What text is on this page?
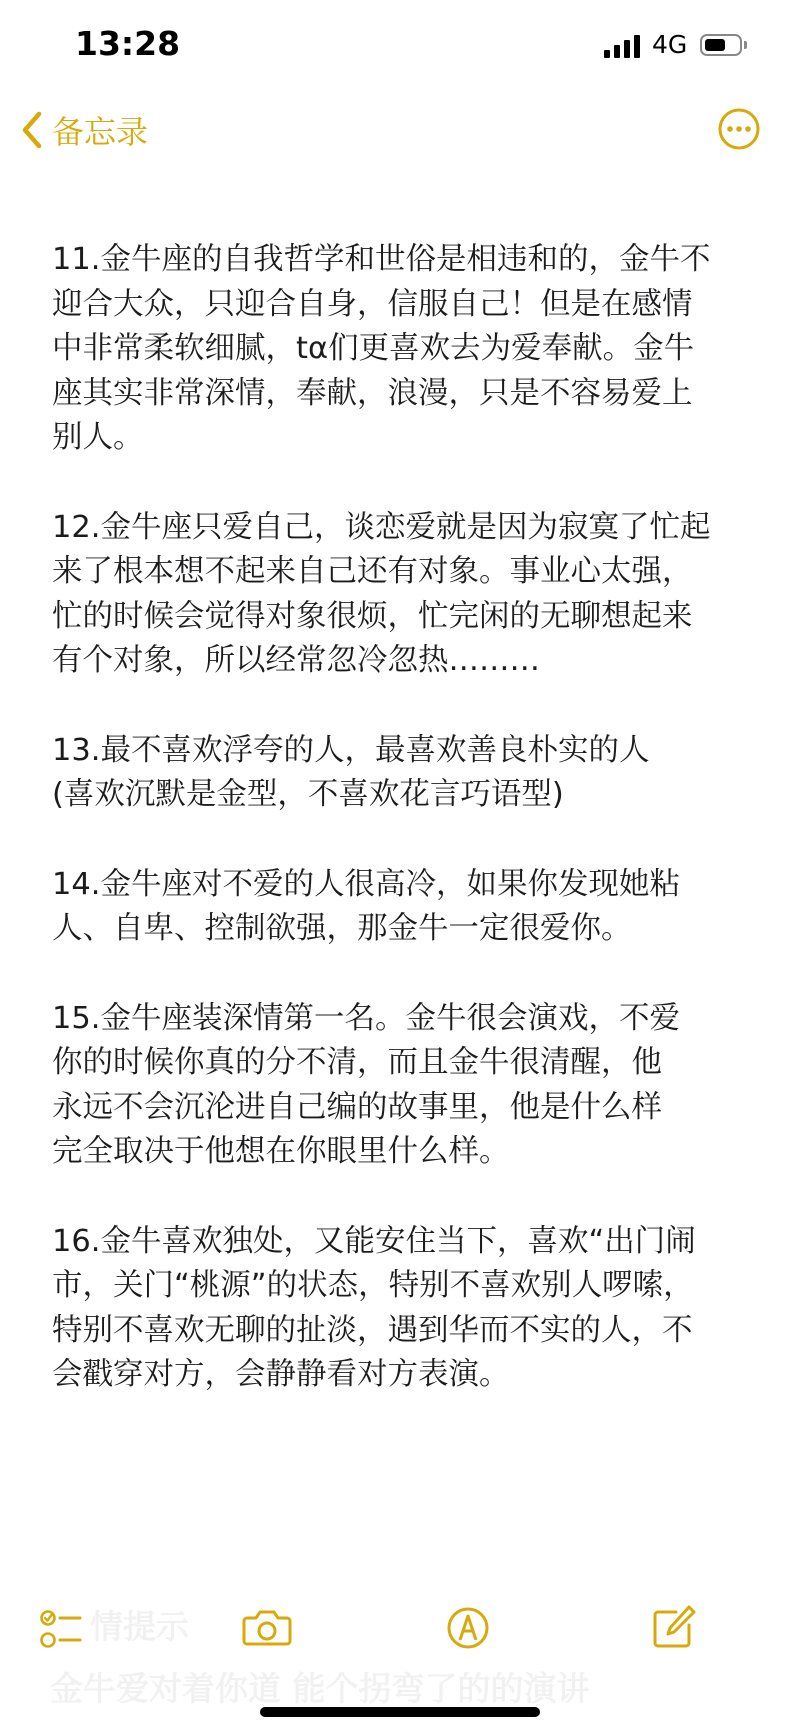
13:28	4G
备忘录

11.金牛座的自我哲学和世俗是相违和的，金牛不
迎合大众，只迎合自身，信服自己！但是在感情
中非常柔软细腻，tα们更喜欢去为爱奉献。金牛
座其实非常深情，奉献，浪漫，只是不容易爱上
别人。

12.金牛座只爱自己，谈恋爱就是因为寂寞了忙起
来了根本想不起来自己还有对象。事业心太强，
忙的时候会觉得对象很烦，忙完闲的无聊想起来
有个对象，所以经常忽冷忽热………

13.最不喜欢浮夸的人，最喜欢善良朴实的人
(喜欢沉默是金型，不喜欢花言巧语型)

14.金牛座对不爱的人很高冷，如果你发现她粘
人、自卑、控制欲强，那金牛一定很爱你。

15.金牛座装深情第一名。金牛很会演戏，不爱
你的时候你真的分不清，而且金牛很清醒，他
永远不会沉沦进自己编的故事里，他是什么样
完全取决于他想在你眼里什么样。

16.金牛喜欢独处，又能安住当下，喜欢“出门闹
市，关门“桃源”的状态，特别不喜欢别人啰嗦，
特别不喜欢无聊的扯淡，遇到华而不实的人，不
会戳穿对方，会静静看对方表演。

情提示
金牛爱对着你道 能个拐弯了的的演讲
